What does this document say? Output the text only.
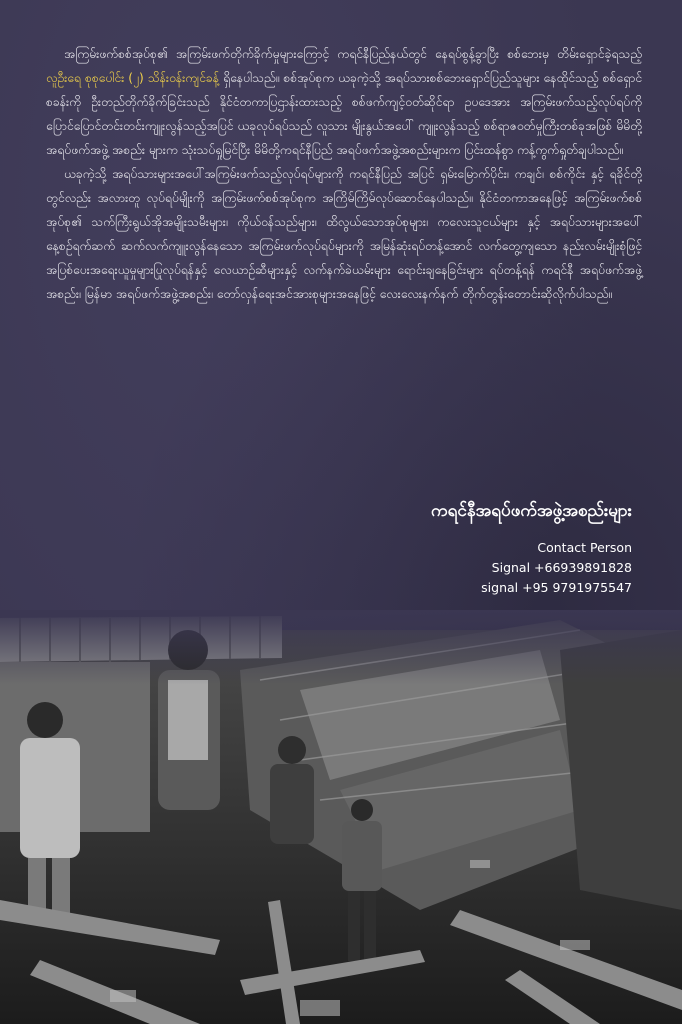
အကြမ်းဖက်စစ်အုပ်စု၏ အကြမ်းဖက်တိုက်ခိုက်မှုများကြောင့် ကရင်နီပြည်နယ်တွင် နေရပ်စွန့်ခွာပြီး စစ်ဘေးမှ တိမ်းရှောင်ခဲ့ရသည့် လူဦးရေ စုစုပေါင်း (၂) သိန်းဝန်းကျင်ခန့် ရှိနေပါသည်။ စစ်အုပ်စုက ယခုကဲ့သို့ အရပ်သားစစ်ဘေးရှောင်ပြည်သူများ နေထိုင်သည့် စစ်ရှောင်စခန်းကို ဦးတည်တိုက်ခိုက်ခြင်းသည် နိုင်ငံတကာပြဌာန်းထားသည့် စစ်ဖက်ကျင့်ဝတ်ဆိုင်ရာ ဥပဒေအား အကြမ်းဖက်သည့်လုပ်ရပ်ကို ပြောင်ပြောင်တင်းတင်းကျူးလွန်သည့်အပြင် ယခုလုပ်ရပ်သည် လူသား မျိုးနွယ်အပေါ် ကျူးလွန်သည့် စစ်ရာဇဝတ်မှုကြီးတစ်ခုအဖြစ် မိမိတို့ အရပ်ဖက်အဖွဲ့ အစည်း များက သုံးသပ်ရှုမြင်ပြီး မိမိတို့ကရင်နီပြည် အရပ်ဖက်အဖွဲ့အစည်းများက ပြင်းထန်စွာ ကန့်ကွက်ရှုတ်ချပါသည်။

ယခုကဲ့သို့ အရပ်သားများအပေါ်အကြမ်းဖက်သည့်လုပ်ရပ်များကို ကရင်နီပြည် အပြင် ရှမ်းမြောက်ပိုင်း၊ ကချင်၊ စစ်ကိုင်း နှင့် ရခိုင်တို့တွင်လည်း အလားတူ လုပ်ရပ်မျိုးကို အကြမ်းဖက်စစ်အုပ်စုက အကြိမ်ကြိမ်လုပ်ဆောင်နေပါသည်။ နိုင်ငံတကာအနေဖြင့် အကြမ်းဖက်စစ်အုပ်စု၏ သက်ကြီးရွယ်အိုအမျိုးသမီးများ၊ ကိုယ်ဝန်သည်များ၊ ထိလွယ်သောအုပ်စုများ၊ ကလေးသူငယ်များ နှင့် အရပ်သားများအပေါ် နေ့စဉ်ရက်ဆက် ဆက်လက်ကျူးလွန်နေသော အကြမ်းဖက်လုပ်ရပ်များကို အမြန်ဆုံးရပ်တန့်အောင် လက်တွေ့ကျသော နည်းလမ်းမျိုးစုံဖြင့် အပြစ်ပေးအရေးယူမှုများပြုလုပ်ရန်နှင့် လေယာဉ်ဆီများနှင့် လက်နက်ခဲယမ်းများ ရောင်းချနေခြင်းများ ရပ်တန့်ရန် ကရင်နီ အရပ်ဖက်အဖွဲ့အစည်း၊ မြန်မာ အရပ်ဖက်အဖွဲ့အစည်း၊ တော်လှန်ရေးအင်အားစုများအနေဖြင့် လေးလေးနက်နက် တိုက်တွန်းတောင်းဆိုလိုက်ပါသည်။

ကရင်နီအရပ်ဖက်အဖွဲ့အစည်းများ
Contact Person
Signal +66939891828
signal +95 9791975547
